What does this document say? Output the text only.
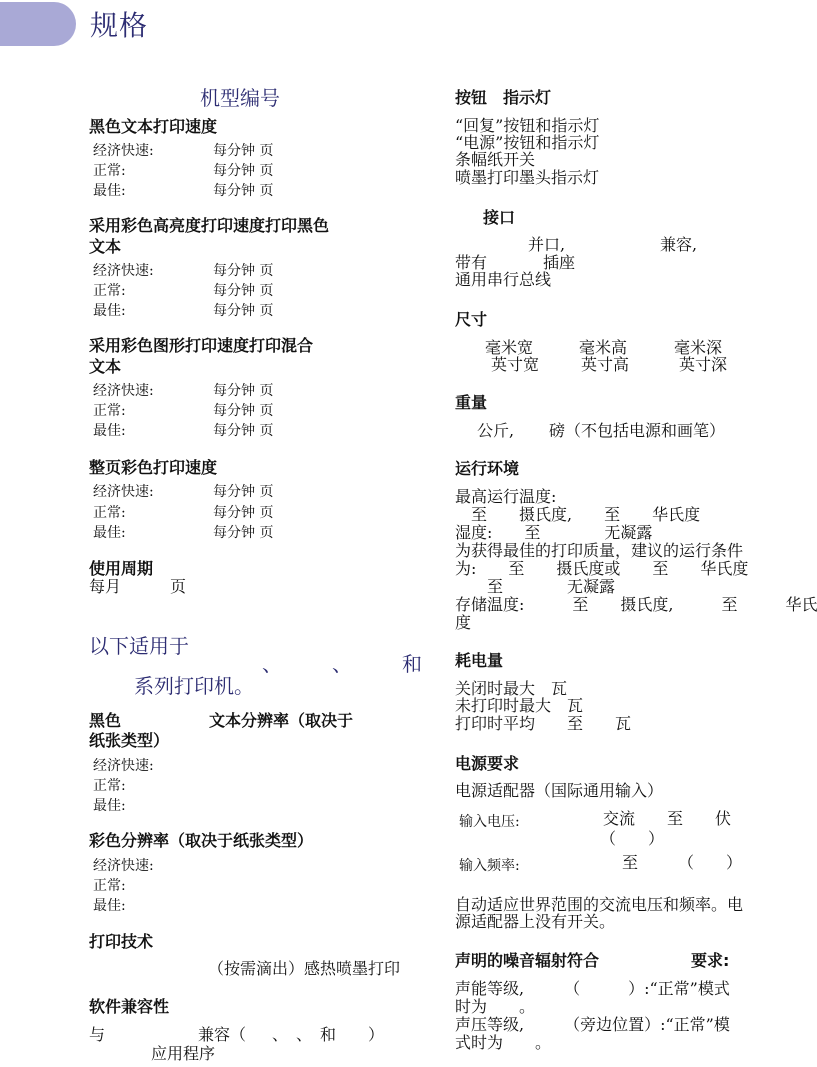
规格
机型编号
黑色文本打印速度
经济快速:	每分钟 页
正常:	每分钟 页
最佳:	每分钟 页
采用彩色高亮度打印速度打印黑色
文本
经济快速:	每分钟 页
正常:	每分钟 页
最佳:	每分钟 页
采用彩色图形打印速度打印混合
文本
经济快速:	每分钟 页
正常:	每分钟 页
最佳:	每分钟 页
整页彩色打印速度
经济快速:	每分钟 页
正常:	每分钟 页
最佳:	每分钟 页
使用周期
每月	页
以下适用于
、　　　、　　　和
系列打印机。
黑色	文本分辨率（取决于
纸张类型）
经济快速:
正常:
最佳:
彩色分辨率（取决于纸张类型）
经济快速:
正常:
最佳:
打印技术
（按需滴出）感热喷墨打印
软件兼容性
与	兼容（ 、　、　和　　）
应用程序
按钮　指示灯
“回复”按钮和指示灯
“电源”按钮和指示灯
条幅纸开关
喷墨打印墨头指示灯
接口
并口,	兼容,
带有	插座
通用串行总线
尺寸
毫米宽	毫米高	毫米深
英寸宽	英寸高	英寸深
重量
公斤, 磅（不包括电源和画笔）
运行环境
最高运行温度:
　至　　摄氏度,　　至　　华氏度
湿度:　　至　　　　无凝露
为获得最佳的打印质量，建议的运行条件
为:　　至　　摄氏度或　　至　　华氏度
　　至　　　　无凝露
存储温度:　　　至　　摄氏度,　　　至　　　华氏
度
耗电量
关闭时最大　瓦
未打印时最大　瓦
打印时平均　　至　　瓦
电源要求
电源适配器（国际通用输入）
输入电压:	交流　　至　　伏
（　　）
输入频率:	至　　　（　　）
自动适应世界范围的交流电压和频率。电
源适配器上没有开关。
声明的噪音辐射符合	要求:
声能等级,　　　（　　　）:“正常”模式
时为　　。
声压等级,　　　（旁边位置）:“正常”模
式时为　　。
